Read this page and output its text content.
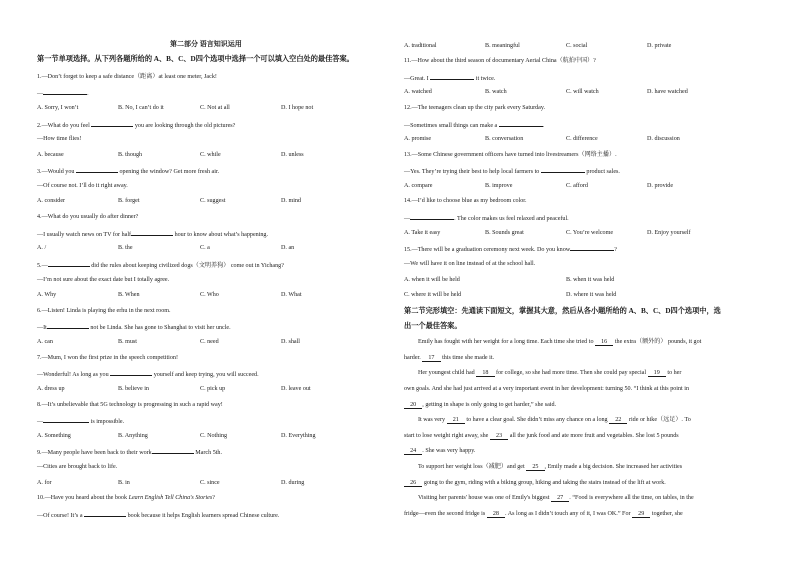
第二部分 语言知识运用
第一节单项选择。从下列各题所给的 A、B、C、D四个选项中选择一个可以填入空白处的最佳答案。
1.—Don’t forget to keep a safe distance（距离）at least one meter, Jack!
—	.
A. Sorry, I won’t	B. No, I can’t do it	C. Not at all	D. I hope not
2.—What do you feel	you are looking through the old pictures?
—How time flies!
A. because	B. though	C. while	D. unless
3.—Would you	opening the window? Get more fresh air.
—Of course not. I’ll do it right away.
A. consider	B. forget	C. suggest	D. mind
4.—What do you usually do after dinner?
—I usually watch news on TV for half	hour to know about what’s happening.
A. /	B. the	C. a	D. an
5.—	did the rules about keeping civilized dogs（文明养狗） come out in Yichang?
—I’m not sure about the exact date but I totally agree.
A. Why	B. When	C. Who	D. What
6.—Listen! Linda is playing the erhu in the next room.
—It	not be Linda. She has gone to Shanghai to visit her uncle.
A. can	B. must	C. need	D. shall
7.—Mum, I won the first prize in the speech competition!
—Wonderful! As long as you	yourself and keep trying, you will succeed.
A. dress up	B. believe in	C. pick up	D. leave out
8.—It’s unbelievable that 5G technology is progressing in such a rapid way!
—	is impossible.
A. Something	B. Anything	C. Nothing	D. Everything
9.—Many people have been back to their work	March 5th.
—Cities are brought back to life.
A. for	B. in	C. since	D. during
10.—Have you heard about the book Learn English Tell China's Stories?
—Of course! It’s a	book because it helps English learners spread Chinese culture.
A. traditional	B. meaningful	C. social	D. private
11.—How about the third season of documentary Aerial China（航拍中国）?
—Great. I	it twice.
A. watched	B. watch	C. will watch	D. have watched
12.—The teenagers clean up the city park every Saturday.
—Sometimes small things can make a	.
A. promise	B. conversation	C. difference	D. discussion
13.—Some Chinese government officers have turned into livestreamers（网络主播）.
—Yes. They’re trying their best to help local farmers to	product sales.
A. compare	B. improve	C. afford	D. provide
14.—I’d like to choose blue as my bedroom color.
—	. The color makes us feel relaxed and peaceful.
A. Take it easy	B. Sounds great	C. You’re welcome	D. Enjoy yourself
15.—There will be a graduation ceremony next week. Do you know	?
—We will have it on line instead of at the school hall.
A. when it will be held	B. when it was held
C. where it will be held	D. where it was held
第二节完形填空：先通读下面短文，掌握其大意，然后从各小题所给的 A、B、C、D四个选项中，选
出一个最佳答案。
Emily has fought with her weight for a long time. Each time she tried to 16 the extra（额外的） pounds, it got
harder. 17 this time she made it.
Her youngest child had 18 for college, so she had more time. Then she could pay special 19 to her
own goals. And she had just arrived at a very important event in her development: turning 50. “I think at this point in
20 , getting in shape is only going to get harder,” she said.
It was very 21 to have a clear goal. She didn’t miss any chance on a long 22 ride or hike（远足）. To
start to lose weight right away, she 23 all the junk food and ate more fruit and vegetables. She lost 5 pounds
24 . She was very happy.
To support her weight loss（减肥）and get 25 , Emily made a big decision. She increased her activities
26 going to the gym, riding with a biking group, hiking and taking the stairs instead of the lift at work.
Visiting her parents' house was one of Emily's biggest 27 . “Food is everywhere all the time, on tables, in the
fridge—even the second fridge is 28 . As long as I didn’t touch any of it, I was OK.” For 29 together, she
